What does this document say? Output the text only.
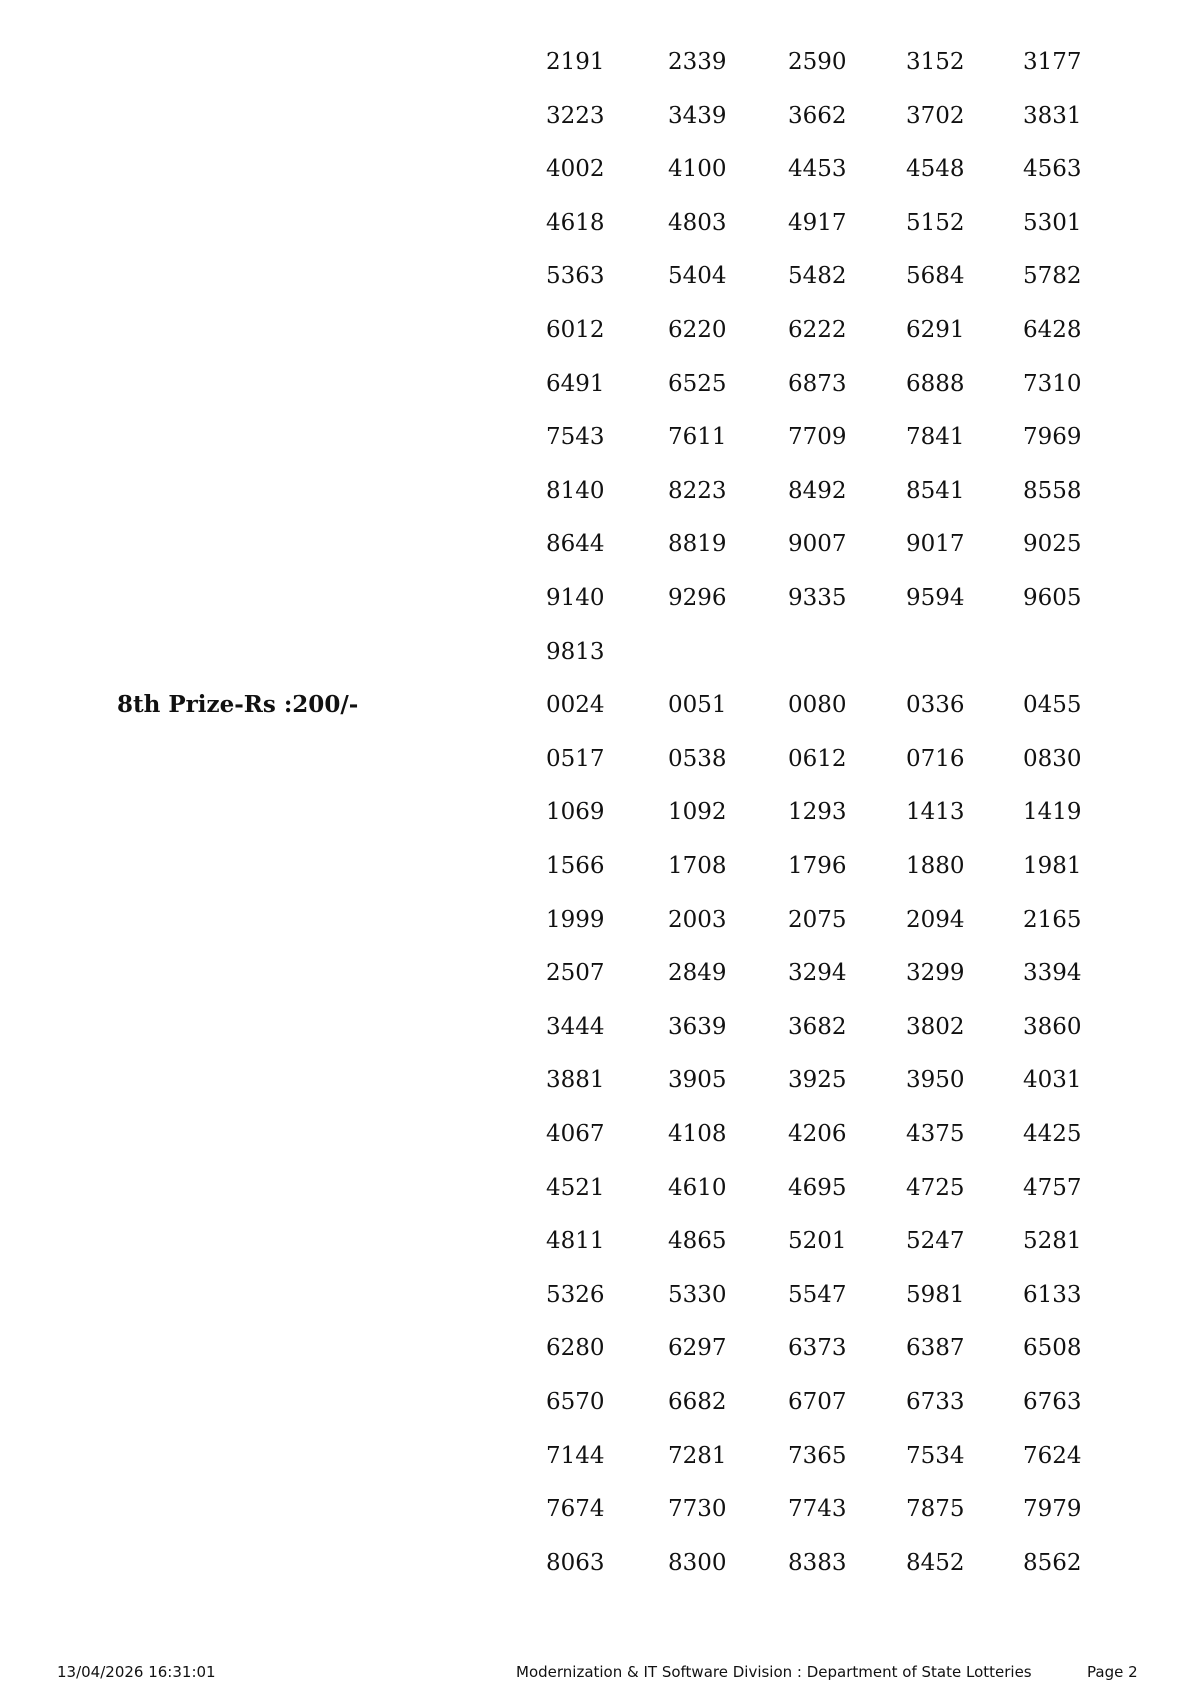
2191	2339	2590	3152	3177
3223	3439	3662	3702	3831
4002	4100	4453	4548	4563
4618	4803	4917	5152	5301
5363	5404	5482	5684	5782
6012	6220	6222	6291	6428
6491	6525	6873	6888	7310
7543	7611	7709	7841	7969
8140	8223	8492	8541	8558
8644	8819	9007	9017	9025
9140	9296	9335	9594	9605
9813
8th Prize-Rs :200/-	0024	0051	0080	0336	0455
0517	0538	0612	0716	0830
1069	1092	1293	1413	1419
1566	1708	1796	1880	1981
1999	2003	2075	2094	2165
2507	2849	3294	3299	3394
3444	3639	3682	3802	3860
3881	3905	3925	3950	4031
4067	4108	4206	4375	4425
4521	4610	4695	4725	4757
4811	4865	5201	5247	5281
5326	5330	5547	5981	6133
6280	6297	6373	6387	6508
6570	6682	6707	6733	6763
7144	7281	7365	7534	7624
7674	7730	7743	7875	7979
8063	8300	8383	8452	8562
13/04/2026 16:31:01	Modernization & IT Software Division : Department of State Lotteries	Page 2
